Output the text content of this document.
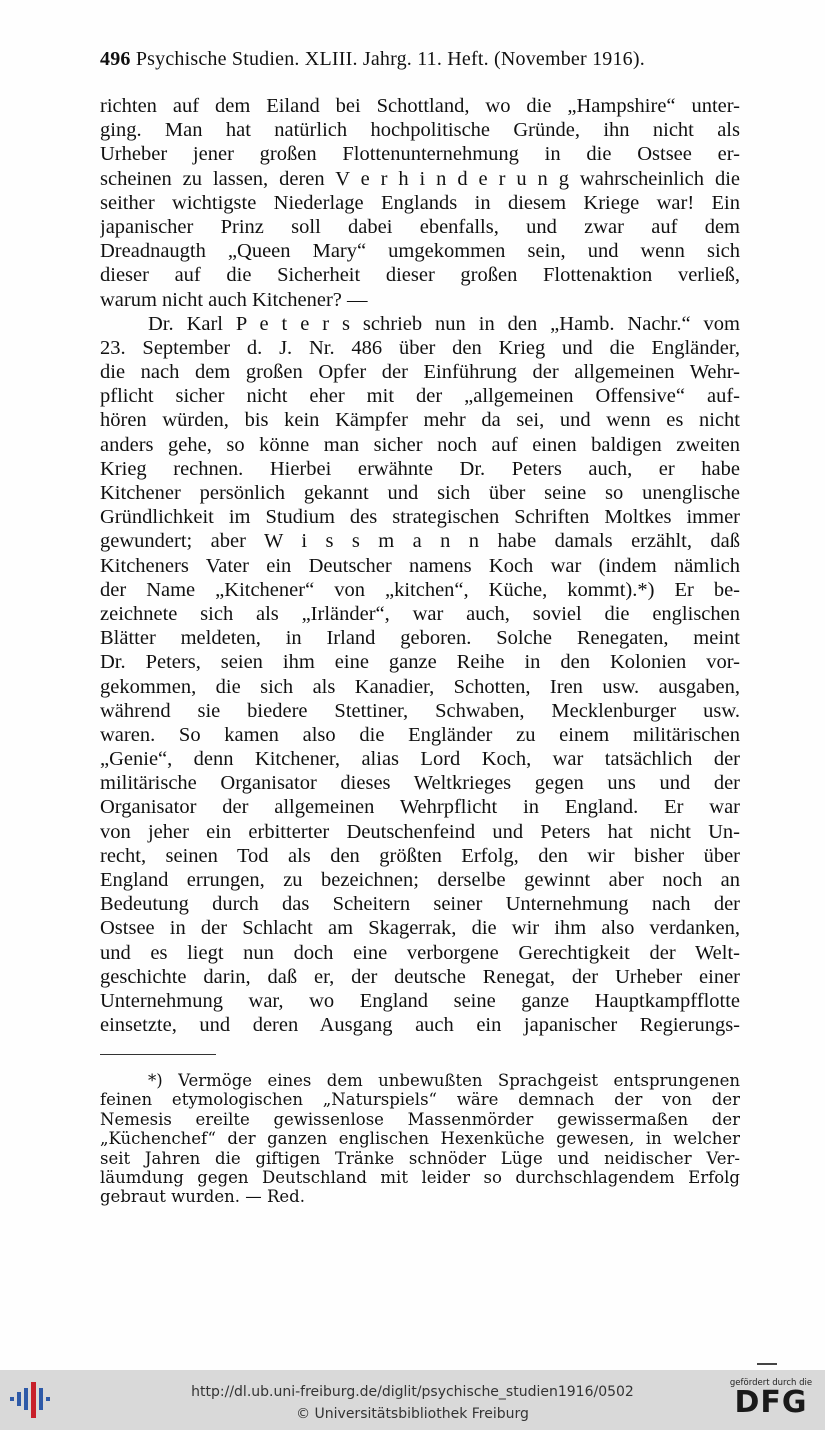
496 Psychische Studien. XLIII. Jahrg. 11. Heft. (November 1916).
richten auf dem Eiland bei Schottland, wo die „Hampshire“ unter-
ging. Man hat natürlich hochpolitische Gründe, ihn nicht als
Urheber jener großen Flottenunternehmung in die Ostsee er-
scheinen zu lassen, deren V e r h i n d e r u n g wahrscheinlich die
seither wichtigste Niederlage Englands in diesem Kriege war! Ein
japanischer Prinz soll dabei ebenfalls, und zwar auf dem
Dreadnaugth „Queen Mary“ umgekommen sein, und wenn sich
dieser auf die Sicherheit dieser großen Flottenaktion verließ,
warum nicht auch Kitchener? —
Dr. Karl P e t e r s schrieb nun in den „Hamb. Nachr.“ vom
23. September d. J. Nr. 486 über den Krieg und die Engländer,
die nach dem großen Opfer der Einführung der allgemeinen Wehr-
pflicht sicher nicht eher mit der „allgemeinen Offensive“ auf-
hören würden, bis kein Kämpfer mehr da sei, und wenn es nicht
anders gehe, so könne man sicher noch auf einen baldigen zweiten
Krieg rechnen. Hierbei erwähnte Dr. Peters auch, er habe
Kitchener persönlich gekannt und sich über seine so unenglische
Gründlichkeit im Studium des strategischen Schriften Moltkes immer
gewundert; aber W i s s m a n n habe damals erzählt, daß
Kitcheners Vater ein Deutscher namens Koch war (indem nämlich
der Name „Kitchener“ von „kitchen“, Küche, kommt).*) Er be-
zeichnete sich als „Irländer“, war auch, soviel die englischen
Blätter meldeten, in Irland geboren. Solche Renegaten, meint
Dr. Peters, seien ihm eine ganze Reihe in den Kolonien vor-
gekommen, die sich als Kanadier, Schotten, Iren usw. ausgaben,
während sie biedere Stettiner, Schwaben, Mecklenburger usw.
waren. So kamen also die Engländer zu einem militärischen
„Genie“, denn Kitchener, alias Lord Koch, war tatsächlich der
militärische Organisator dieses Weltkrieges gegen uns und der
Organisator der allgemeinen Wehrpflicht in England. Er war
von jeher ein erbitterter Deutschenfeind und Peters hat nicht Un-
recht, seinen Tod als den größten Erfolg, den wir bisher über
England errungen, zu bezeichnen; derselbe gewinnt aber noch an
Bedeutung durch das Scheitern seiner Unternehmung nach der
Ostsee in der Schlacht am Skagerrak, die wir ihm also verdanken,
und es liegt nun doch eine verborgene Gerechtigkeit der Welt-
geschichte darin, daß er, der deutsche Renegat, der Urheber einer
Unternehmung war, wo England seine ganze Hauptkampfflotte
einsetzte, und deren Ausgang auch ein japanischer Regierungs-
*) Vermöge eines dem unbewußten Sprachgeist entsprungenen
feinen etymologischen „Naturspiels“ wäre demnach der von der
Nemesis ereilte gewissenlose Massenmörder gewissermaßen der
„Küchenchef“ der ganzen englischen Hexenküche gewesen, in welcher
seit Jahren die giftigen Tränke schnöder Lüge und neidischer Ver-
läumdung gegen Deutschland mit leider so durchschlagendem Erfolg
gebraut wurden. — Red.
http://dl.ub.uni-freiburg.de/diglit/psychische_studien1916/0502
© Universitätsbibliothek Freiburg
gefördert durch die
DFG
